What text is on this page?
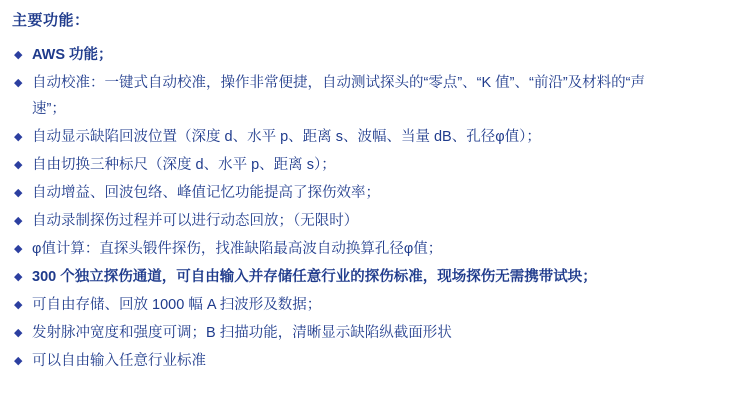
主要功能：
◆ AWS 功能；
◆ 自动校准：一键式自动校准，操作非常便捷，自动测试探头的“零点”、“K 值”、“前沿”及材料的“声速”；
◆ 自动显示缺陷回波位置（深度 d、水平 p、距离 s、波幅、当量 dB、孔径φ值）；
◆ 自由切换三种标尺（深度 d、水平 p、距离 s）；
◆ 自动增益、回波包络、峰值记忆功能提高了探伤效率；
◆ 自动录制探伤过程并可以进行动态回放；（无限时）
◆ φ值计算：直探头锻件探伤，找准缺陷最高波自动换算孔径φ值；
◆ 300 个独立探伤通道，可自由输入并存储任意行业的探伤标准，现场探伤无需携带试块；
◆ 可自由存储、回放 1000 幅 A 扫波形及数据；
◆ 发射脉冲宽度和强度可调；B 扫描功能，清晰显示缺陷纵截面形状
◆ 可以自由输入任意行业标准
